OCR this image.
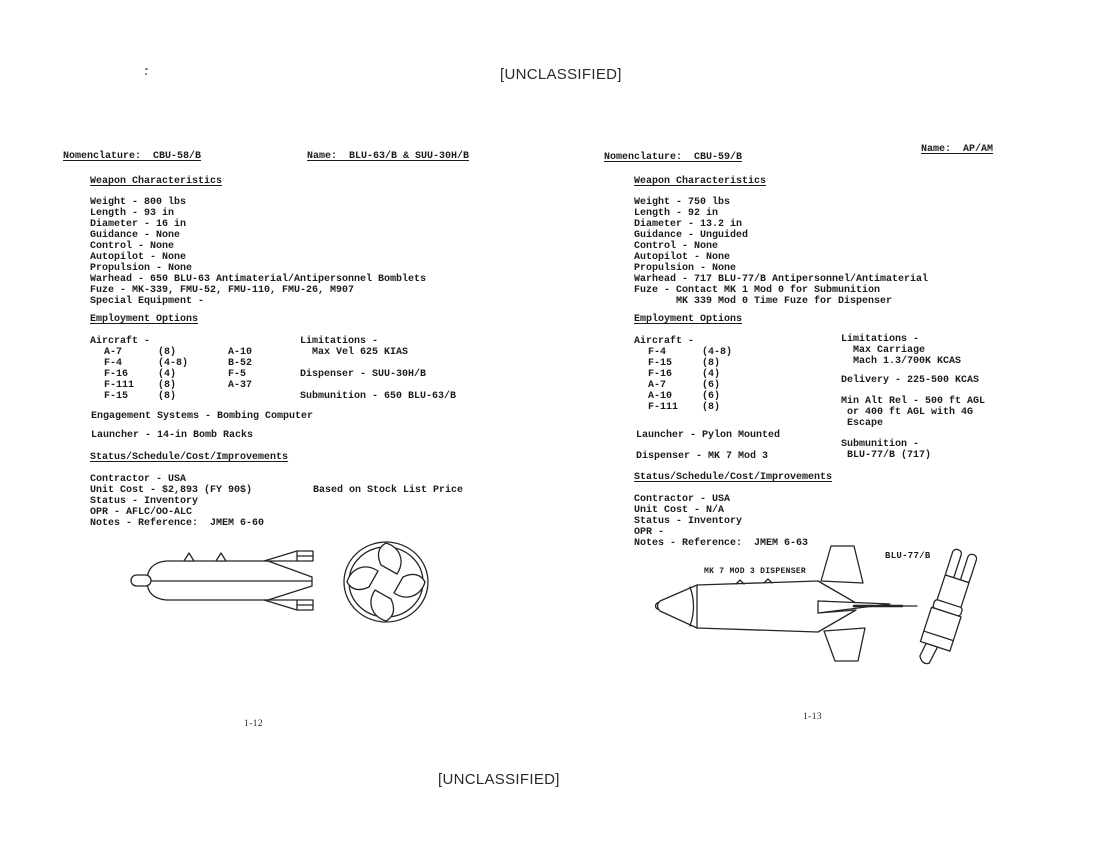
[UNCLASSIFIED]
[UNCLASSIFIED]
Nomenclature:  CBU-58/B	Name:  BLU-63/B & SUU-30H/B
Weapon Characteristics
Weight - 800 lbs
Length - 93 in
Diameter - 16 in
Guidance - None
Control - None
Autopilot - None
Propulsion - None
Warhead - 650 BLU-63 Antimaterial/Antipersonnel Bomblets
Fuze - MK-339, FMU-52, FMU-110, FMU-26, M907
Special Equipment -
Employment Options
Aircraft -
A-7	(8)	A-10
F-4	(4-8)	B-52
F-16	(4)	F-5
F-111	(8)	A-37
F-15	(8)
Limitations -
Max Vel 625 KIAS
Dispenser - SUU-30H/B
Submunition - 650 BLU-63/B
Engagement Systems - Bombing Computer
Launcher - 14-in Bomb Racks
Status/Schedule/Cost/Improvements
Contractor - USA
Unit Cost - $2,893 (FY 90$)
Status - Inventory
OPR - AFLC/OO-ALC
Notes - Reference:  JMEM 6-60
Based on Stock List Price
1-12
Nomenclature:  CBU-59/B
Name:  AP/AM
Weapon Characteristics
Weight - 750 lbs
Length - 92 in
Diameter - 13.2 in
Guidance - Unguided
Control - None
Autopilot - None
Propulsion - None
Warhead - 717 BLU-77/B Antipersonnel/Antimaterial
Fuze - Contact MK 1 Mod 0 for Submunition
MK 339 Mod 0 Time Fuze for Dispenser
Employment Options
Aircraft -
F-4	(4-8)
F-15	(8)
F-16	(4)
A-7	(6)
A-10	(6)
F-111	(8)
Limitations -
Max Carriage
Mach 1.3/700K KCAS
Delivery - 225-500 KCAS
Min Alt Rel - 500 ft AGL
or 400 ft AGL with 4G
Escape
Launcher - Pylon Mounted
Submunition -
BLU-77/B (717)
Dispenser - MK 7 Mod 3
Status/Schedule/Cost/Improvements
Contractor - USA
Unit Cost - N/A
Status - Inventory
OPR -
Notes - Reference:  JMEM 6-63
MK 7 MOD 3 DISPENSER
BLU-77/B
1-13
